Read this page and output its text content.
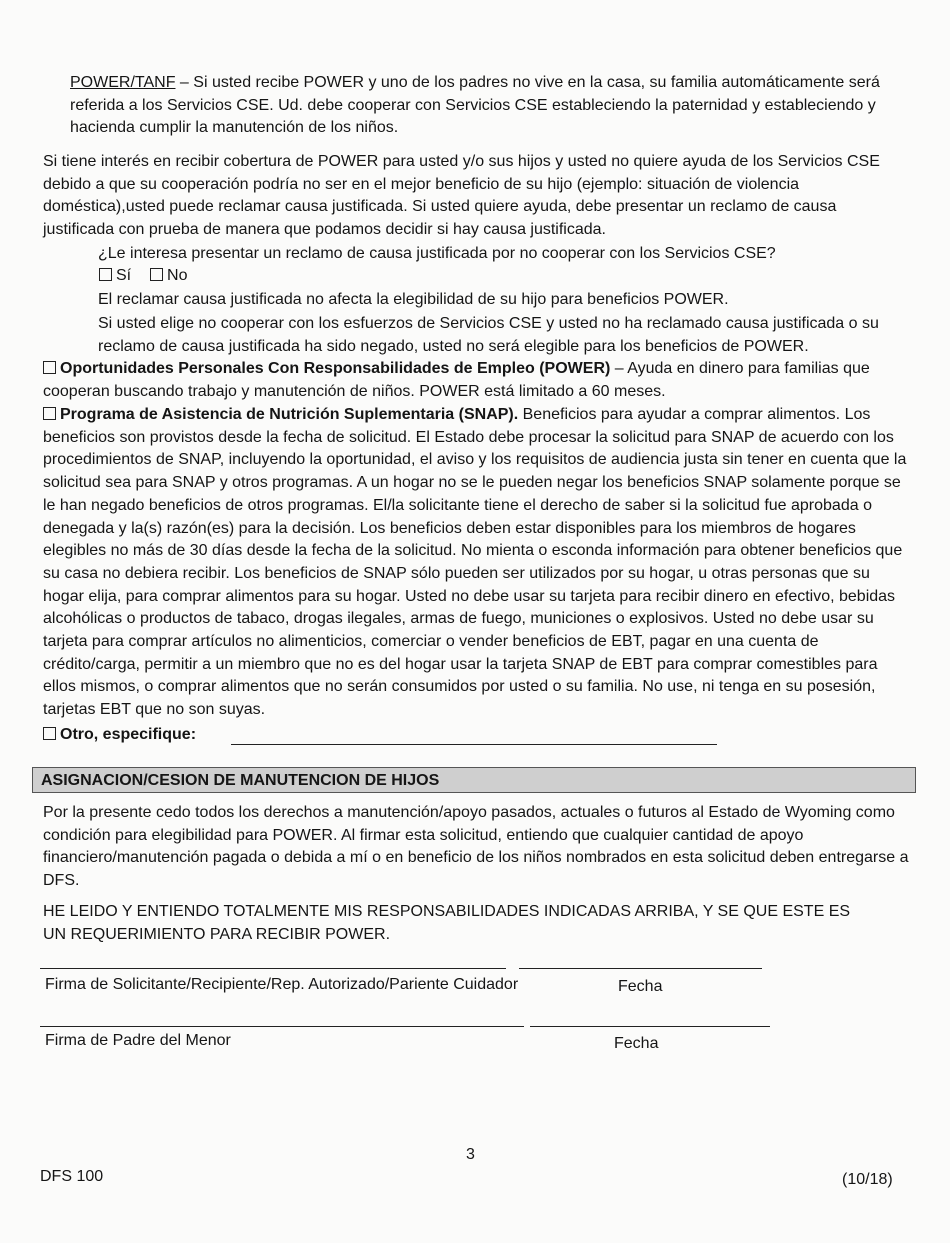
POWER/TANF – Si usted recibe POWER y uno de los padres no vive en la casa, su familia automáticamente será referida a los Servicios CSE. Ud. debe cooperar con Servicios CSE estableciendo la paternidad y estableciendo y hacienda cumplir la manutención de los niños.
Si tiene interés en recibir cobertura de POWER para usted y/o sus hijos y usted no quiere ayuda de los Servicios CSE debido a que su cooperación podría no ser en el mejor beneficio de su hijo (ejemplo: situación de violencia doméstica),usted puede reclamar causa justificada. Si usted quiere ayuda, debe presentar un reclamo de causa justificada con prueba de manera que podamos decidir si hay causa justificada.
¿Le interesa presentar un reclamo de causa justificada por no cooperar con los Servicios CSE?
Sí No
El reclamar causa justificada no afecta la elegibilidad de su hijo para beneficios POWER.
Si usted elige no cooperar con los esfuerzos de Servicios CSE y usted no ha reclamado causa justificada o su reclamo de causa justificada ha sido negado, usted no será elegible para los beneficios de POWER.
Oportunidades Personales Con Responsabilidades de Empleo (POWER) – Ayuda en dinero para familias que cooperan buscando trabajo y manutención de niños. POWER está limitado a 60 meses.
Programa de Asistencia de Nutrición Suplementaria (SNAP). Beneficios para ayudar a comprar alimentos. Los beneficios son provistos desde la fecha de solicitud. El Estado debe procesar la solicitud para SNAP de acuerdo con los procedimientos de SNAP, incluyendo la oportunidad, el aviso y los requisitos de audiencia justa sin tener en cuenta que la solicitud sea para SNAP y otros programas. A un hogar no se le pueden negar los beneficios SNAP solamente porque se le han negado beneficios de otros programas. El/la solicitante tiene el derecho de saber si la solicitud fue aprobada o denegada y la(s) razón(es) para la decisión. Los beneficios deben estar disponibles para los miembros de hogares elegibles no más de 30 días desde la fecha de la solicitud. No mienta o esconda información para obtener beneficios que su casa no debiera recibir. Los beneficios de SNAP sólo pueden ser utilizados por su hogar, u otras personas que su hogar elija, para comprar alimentos para su hogar. Usted no debe usar su tarjeta para recibir dinero en efectivo, bebidas alcohólicas o productos de tabaco, drogas ilegales, armas de fuego, municiones o explosivos. Usted no debe usar su tarjeta para comprar artículos no alimenticios, comerciar o vender beneficios de EBT, pagar en una cuenta de crédito/carga, permitir a un miembro que no es del hogar usar la tarjeta SNAP de EBT para comprar comestibles para ellos mismos, o comprar alimentos que no serán consumidos por usted o su familia. No use, ni tenga en su posesión, tarjetas EBT que no son suyas.
Otro, especifique:
ASIGNACION/CESION DE MANUTENCION DE HIJOS
Por la presente cedo todos los derechos a manutención/apoyo pasados, actuales o futuros al Estado de Wyoming como condición para elegibilidad para POWER. Al firmar esta solicitud, entiendo que cualquier cantidad de apoyo financiero/manutención pagada o debida a mí o en beneficio de los niños nombrados en esta solicitud deben entregarse a DFS.
HE LEIDO Y ENTIENDO TOTALMENTE MIS RESPONSABILIDADES INDICADAS ARRIBA, Y SE QUE ESTE ES UN REQUERIMIENTO PARA RECIBIR POWER.
Firma de Solicitante/Recipiente/Rep. Autorizado/Pariente Cuidador	Fecha
Firma de Padre del Menor	Fecha
3
DFS 100	(10/18)
